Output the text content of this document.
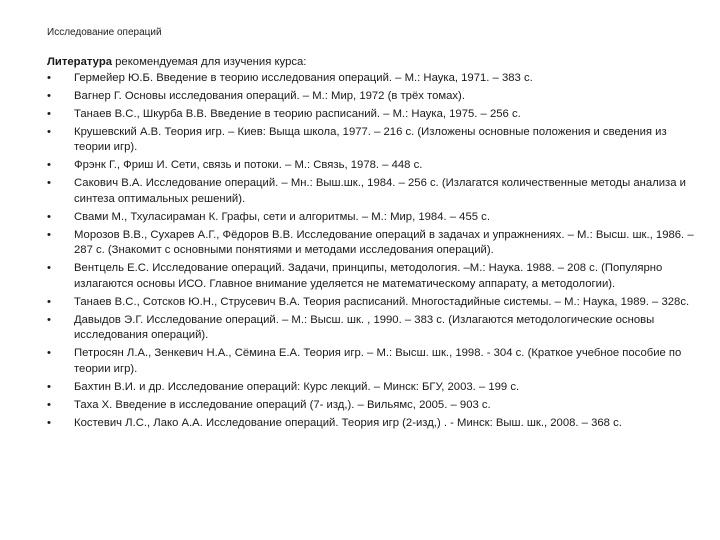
Исследование операций

Литература рекомендуемая для изучения курса:

•	Гермейер Ю.Б. Введение в теорию исследования операций. – М.: Наука, 1971. – 383 с.
•	Вагнер Г. Основы исследования операций. – М.: Мир, 1972 (в трёх томах).
•	Танаев В.С., Шкурба В.В. Введение в теорию расписаний. – М.: Наука, 1975. – 256 с.
•	Крушевский А.В. Теория игр. – Киев: Выща школа, 1977. – 216 с. (Изложены основные положения и сведения из теории игр).
•	Фрэнк Г., Фриш И. Сети, связь и потоки. – М.: Связь, 1978. – 448 с.
•	Сакович В.А. Исследование операций. – Мн.: Выш.шк., 1984. – 256 с. (Излагатся количественные методы анализа и синтеза оптимальных решений).
•	Свами М., Тхуласираман К. Графы, сети и алгоритмы. – М.: Мир, 1984. – 455 с.
•	Морозов В.В., Сухарев А.Г., Фёдоров В.В. Исследование операций в задачах и упражнениях. – М.: Высш. шк., 1986. –287 с. (Знакомит с основными понятиями и методами исследования операций).
•	Вентцель Е.С. Исследование операций. Задачи, принципы, методология. –М.: Наука. 1988. – 208 с. (Популярно излагаются основы ИСО. Главное внимание уделяется не математическому аппарату, а методологии).
•	Танаев В.С., Сотсков Ю.Н., Струсевич В.А. Теория расписаний. Многостадийные системы. – М.: Наука, 1989. – 328с.
•	Давыдов Э.Г. Исследование операций. – М.: Высш. шк. , 1990. – 383 с. (Излагаются методологические основы исследования операций).
•	Петросян Л.А., Зенкевич Н.А., Сёмина Е.А. Теория игр. – М.: Высш. шк., 1998. - 304 с. (Краткое учебное пособие по теории игр).
•	Бахтин В.И. и др. Исследование операций: Курс лекций. – Минск: БГУ, 2003. – 199 с.
•	Таха Х. Введение в исследование операций (7- изд,). – Вильямс, 2005. – 903 с.
•	Костевич Л.С., Лако А.А. Исследование операций. Теория игр (2-изд,) . - Минск: Выш. шк., 2008. – 368 с.
